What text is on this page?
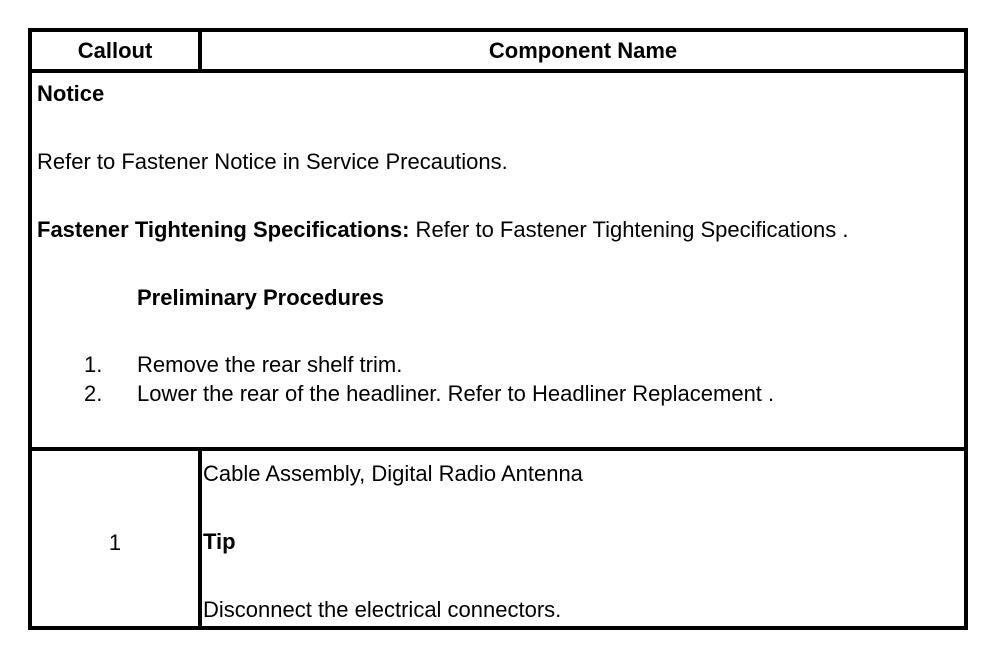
Callout	Component Name
Notice
Refer to Fastener Notice in Service Precautions.
Fastener Tightening Specifications: Refer to Fastener Tightening Specifications .
Preliminary Procedures
1. Remove the rear shelf trim.
2. Lower the rear of the headliner. Refer to Headliner Replacement .
1
Cable Assembly, Digital Radio Antenna
Tip
Disconnect the electrical connectors.
